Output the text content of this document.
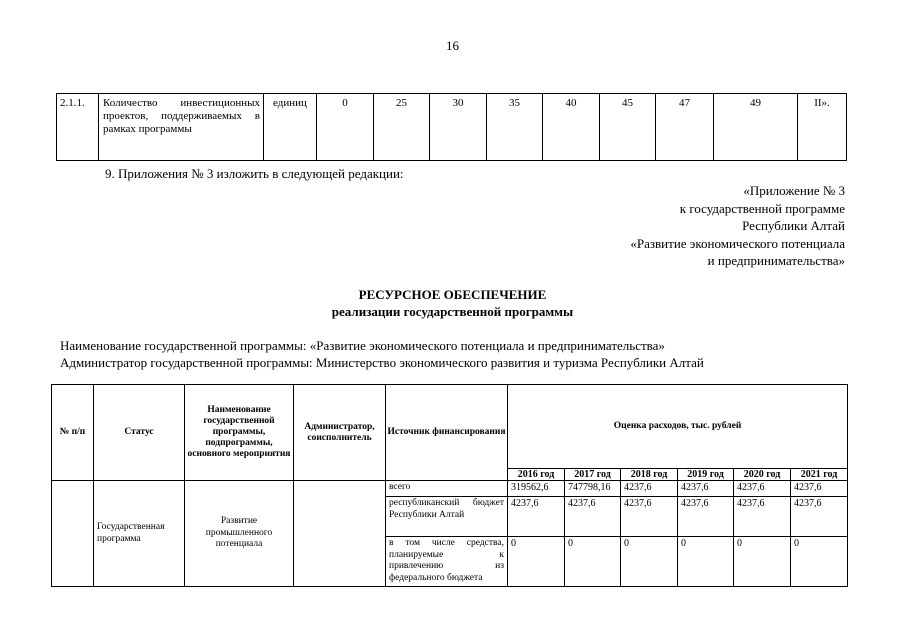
16
2.1.1.	Количество инвестиционных проектов, поддерживаемых в рамках программы	единиц	0	25	30	35	40	45	47	49	II».
9. Приложения № 3 изложить в следующей редакции:
«Приложение № 3
к государственной программе
Республики Алтай
«Развитие экономического потенциала
и предпринимательства»
РЕСУРСНОЕ ОБЕСПЕЧЕНИЕ
реализации государственной программы
Наименование государственной программы: «Развитие экономического потенциала и предпринимательства»
Администратор государственной программы: Министерство экономического развития и туризма Республики Алтай
№ п/п	Статус	Наименование государственной программы, подпрограммы, основного мероприятия	Администратор, соисполнитель	Источник финансирования	Оценка расходов, тыс. рублей					
					2016 год	2017 год	2018 год	2019 год	2020 год	2021 год
	Государственная программа	Развитие промышленного потенциала		всего	319562,6	747798,16	4237,6	4237,6	4237,6	4237,6
				республиканский бюджет Республики Алтай	4237,6	4237,6	4237,6	4237,6	4237,6	4237,6
				в том числе средства, планируемые к привлечению из федерального бюджета	0	0	0	0	0	0
